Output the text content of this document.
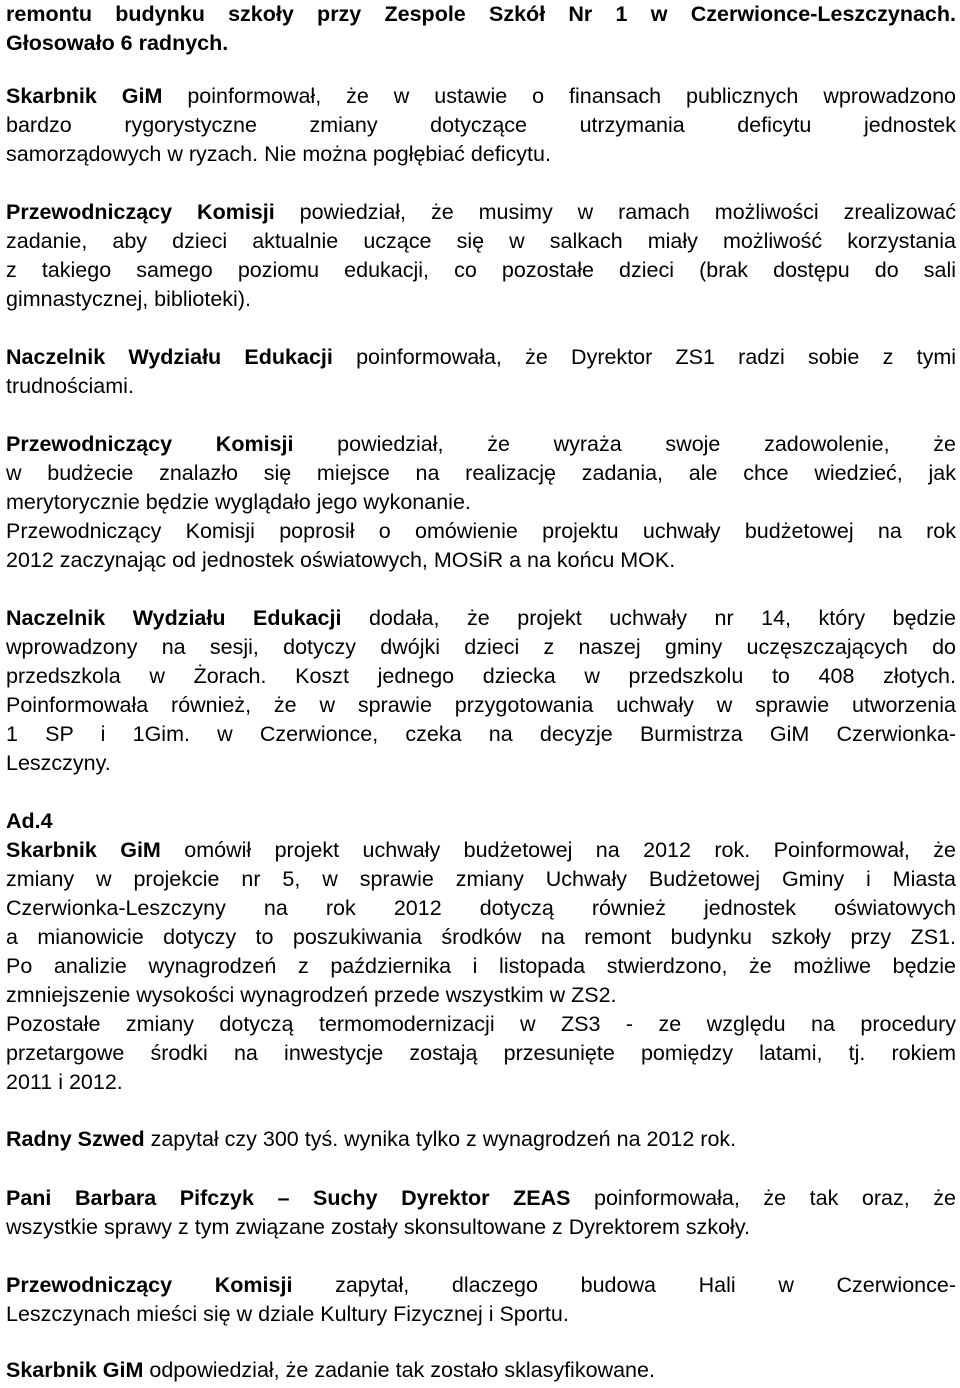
remontu budynku szkoły przy Zespole Szkół Nr 1 w Czerwionce-Leszczynach.
Głosowało 6 radnych.
Skarbnik GiM poinformował, że w ustawie o finansach publicznych wprowadzono
bardzo rygorystyczne zmiany dotyczące utrzymania deficytu jednostek
samorządowych w ryzach. Nie można pogłębiać deficytu.
Przewodniczący Komisji powiedział, że musimy w ramach możliwości zrealizować
zadanie, aby dzieci aktualnie uczące się w salkach miały możliwość korzystania
z takiego samego poziomu edukacji, co pozostałe dzieci (brak dostępu do sali
gimnastycznej, biblioteki).
Naczelnik Wydziału Edukacji poinformowała, że Dyrektor ZS1 radzi sobie z tymi
trudnościami.
Przewodniczący Komisji powiedział, że wyraża swoje zadowolenie, że
w budżecie znalazło się miejsce na realizację zadania, ale chce wiedzieć, jak
merytorycznie będzie wyglądało jego wykonanie.
Przewodniczący Komisji poprosił o omówienie projektu uchwały budżetowej na rok
2012 zaczynając od jednostek oświatowych, MOSiR a na końcu MOK.
Naczelnik Wydziału Edukacji dodała, że projekt uchwały nr 14, który będzie
wprowadzony na sesji, dotyczy dwójki dzieci z naszej gminy uczęszczających do
przedszkola w Żorach. Koszt jednego dziecka w przedszkolu to 408 złotych.
Poinformowała również, że w sprawie przygotowania uchwały w sprawie utworzenia
1 SP i 1Gim. w Czerwionce, czeka na decyzje Burmistrza GiM Czerwionka-
Leszczyny.
Ad.4
Skarbnik GiM omówił projekt uchwały budżetowej na 2012 rok. Poinformował, że
zmiany w projekcie nr 5, w sprawie zmiany Uchwały Budżetowej Gminy i Miasta
Czerwionka-Leszczyny na rok 2012 dotyczą również jednostek oświatowych
a mianowicie dotyczy to poszukiwania środków na remont budynku szkoły przy ZS1.
Po analizie wynagrodzeń z października i listopada stwierdzono, że możliwe będzie
zmniejszenie wysokości wynagrodzeń przede wszystkim w ZS2.
Pozostałe zmiany dotyczą termomodernizacji w ZS3 - ze względu na procedury
przetargowe środki na inwestycje zostają przesunięte pomiędzy latami, tj. rokiem
2011 i 2012.
Radny Szwed zapytał czy 300 tyś. wynika tylko z wynagrodzeń na 2012 rok.
Pani Barbara Pifczyk – Suchy Dyrektor ZEAS poinformowała, że tak oraz, że
wszystkie sprawy z tym związane zostały skonsultowane z Dyrektorem szkoły.
Przewodniczący Komisji zapytał, dlaczego budowa Hali w Czerwionce-
Leszczynach mieści się w dziale Kultury Fizycznej i Sportu.
Skarbnik GiM odpowiedział, że zadanie tak zostało sklasyfikowane.
